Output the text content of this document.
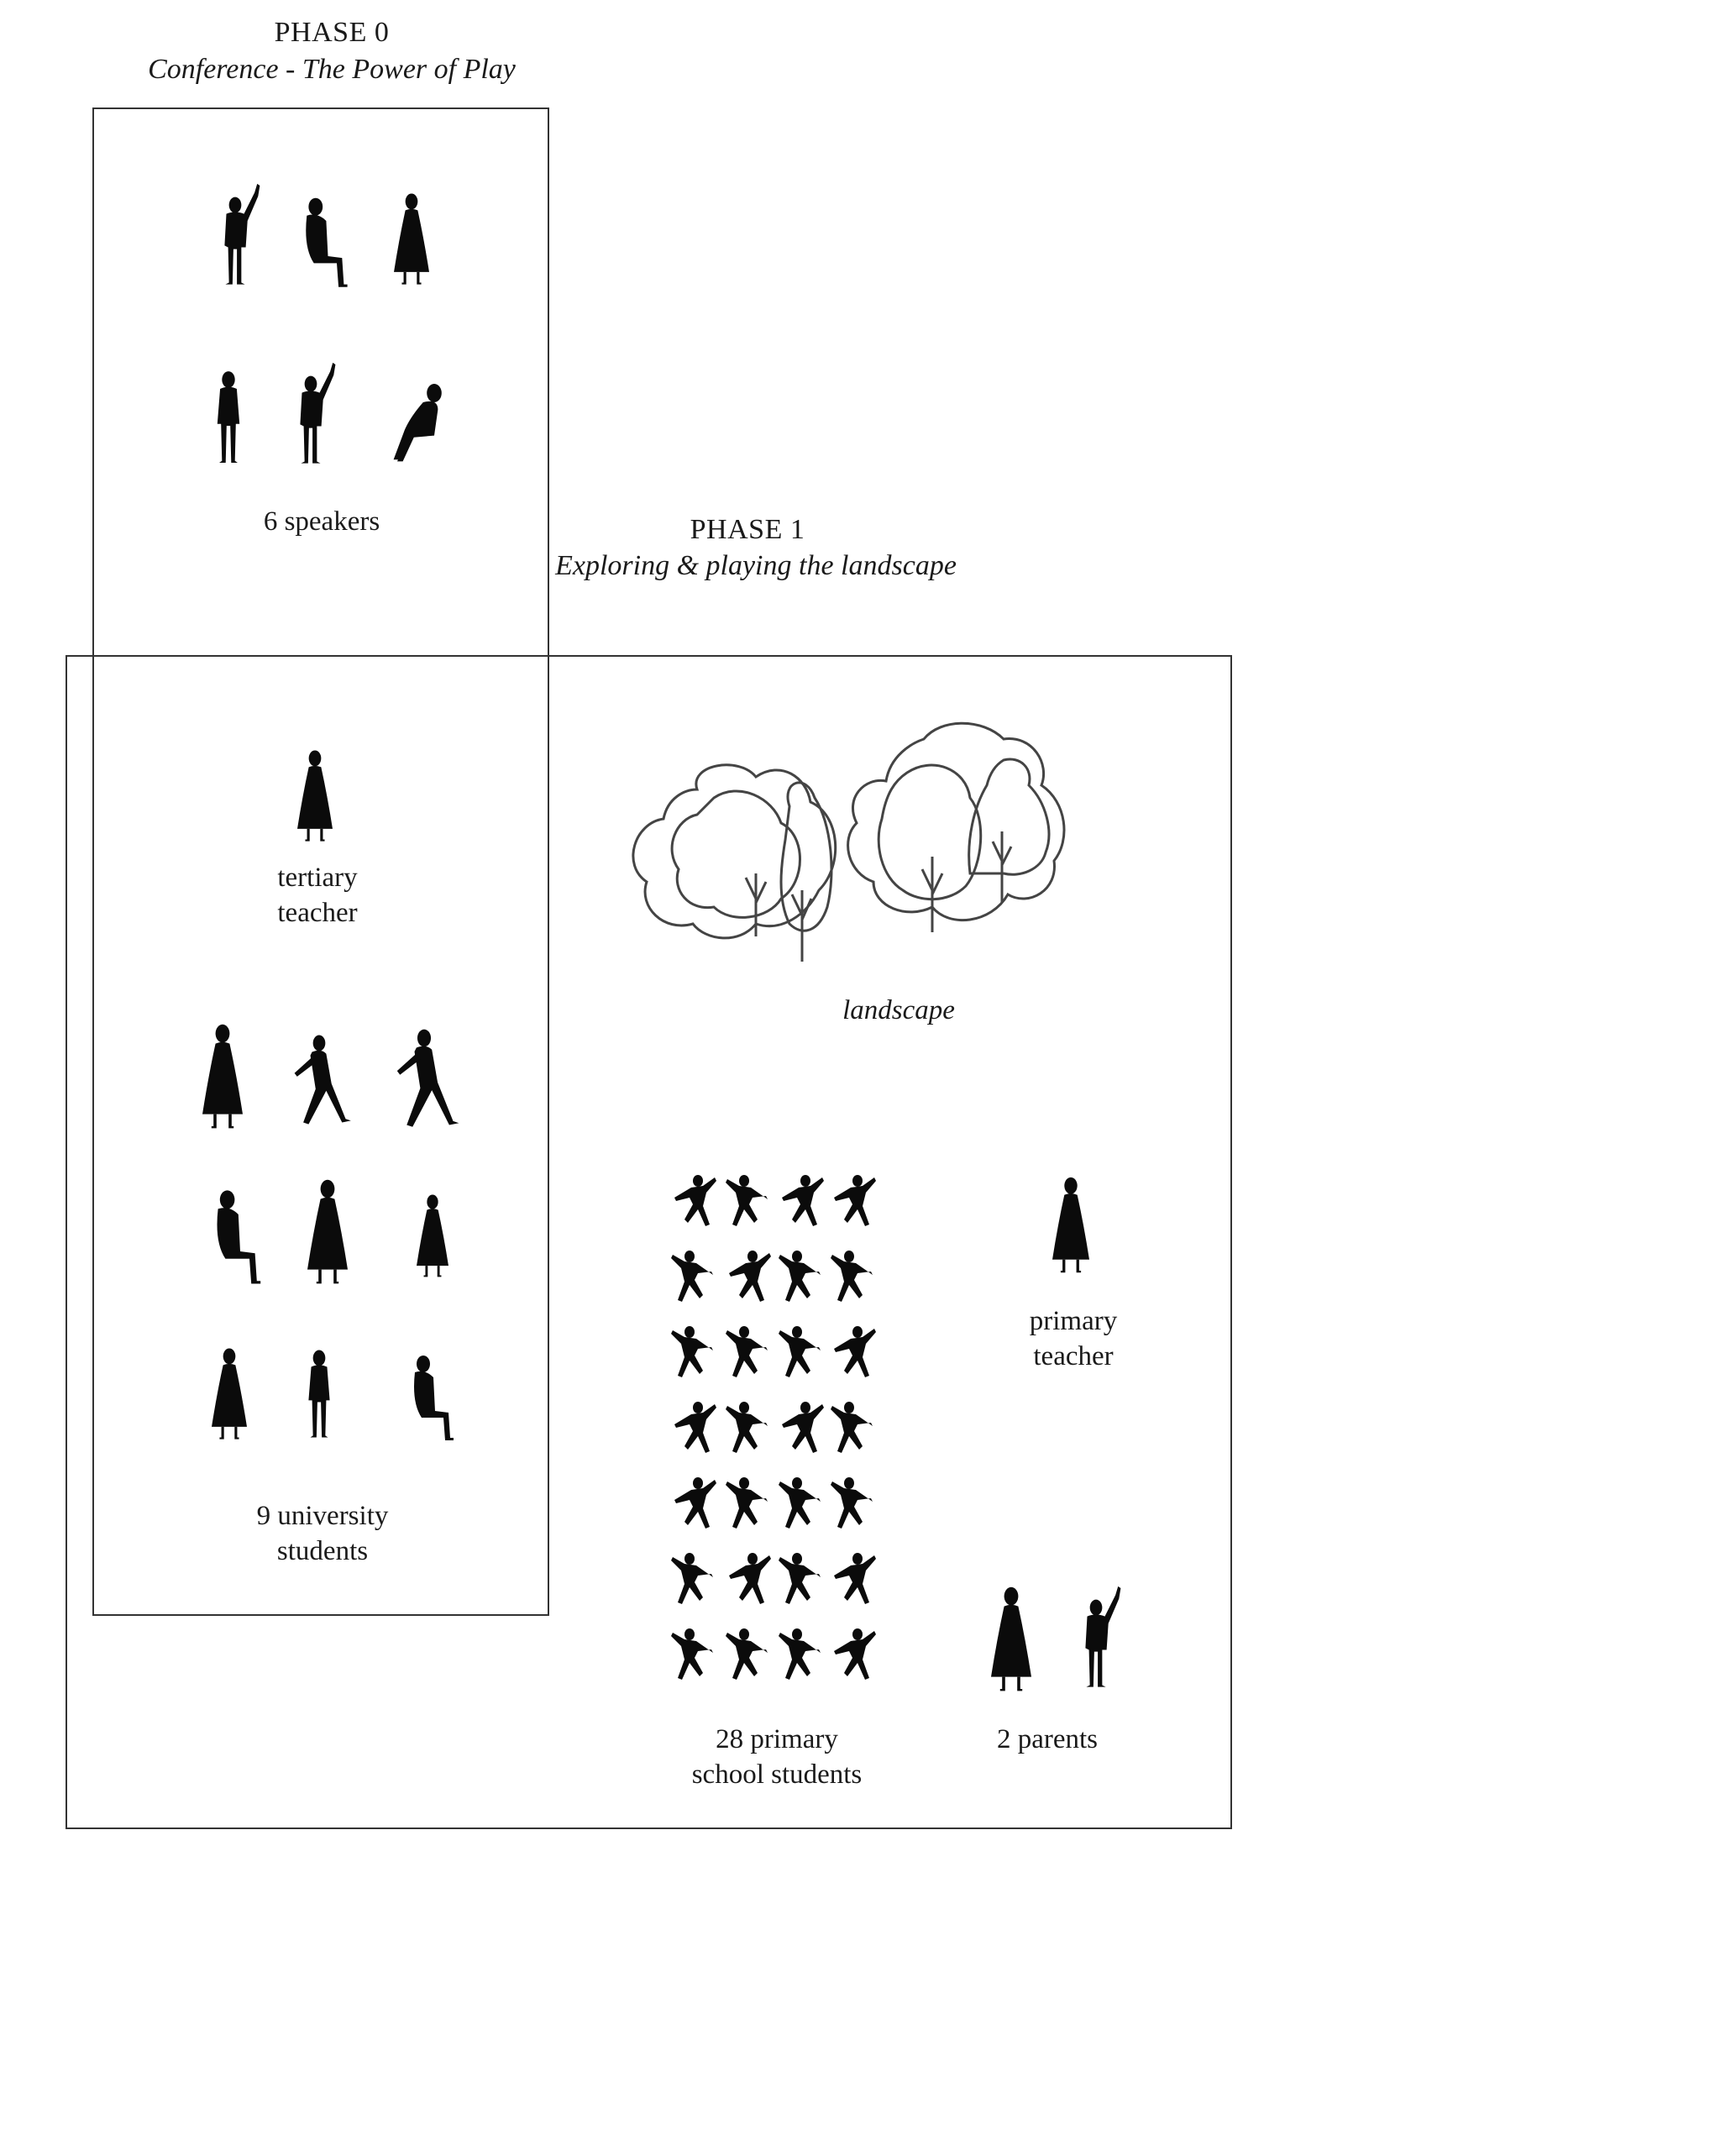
PHASE 0
Conference - The Power of Play
PHASE 1
Exploring & playing the landscape
6 speakers
tertiary
teacher
landscape
9 university
students
primary
teacher
28 primary
school students
2 parents
